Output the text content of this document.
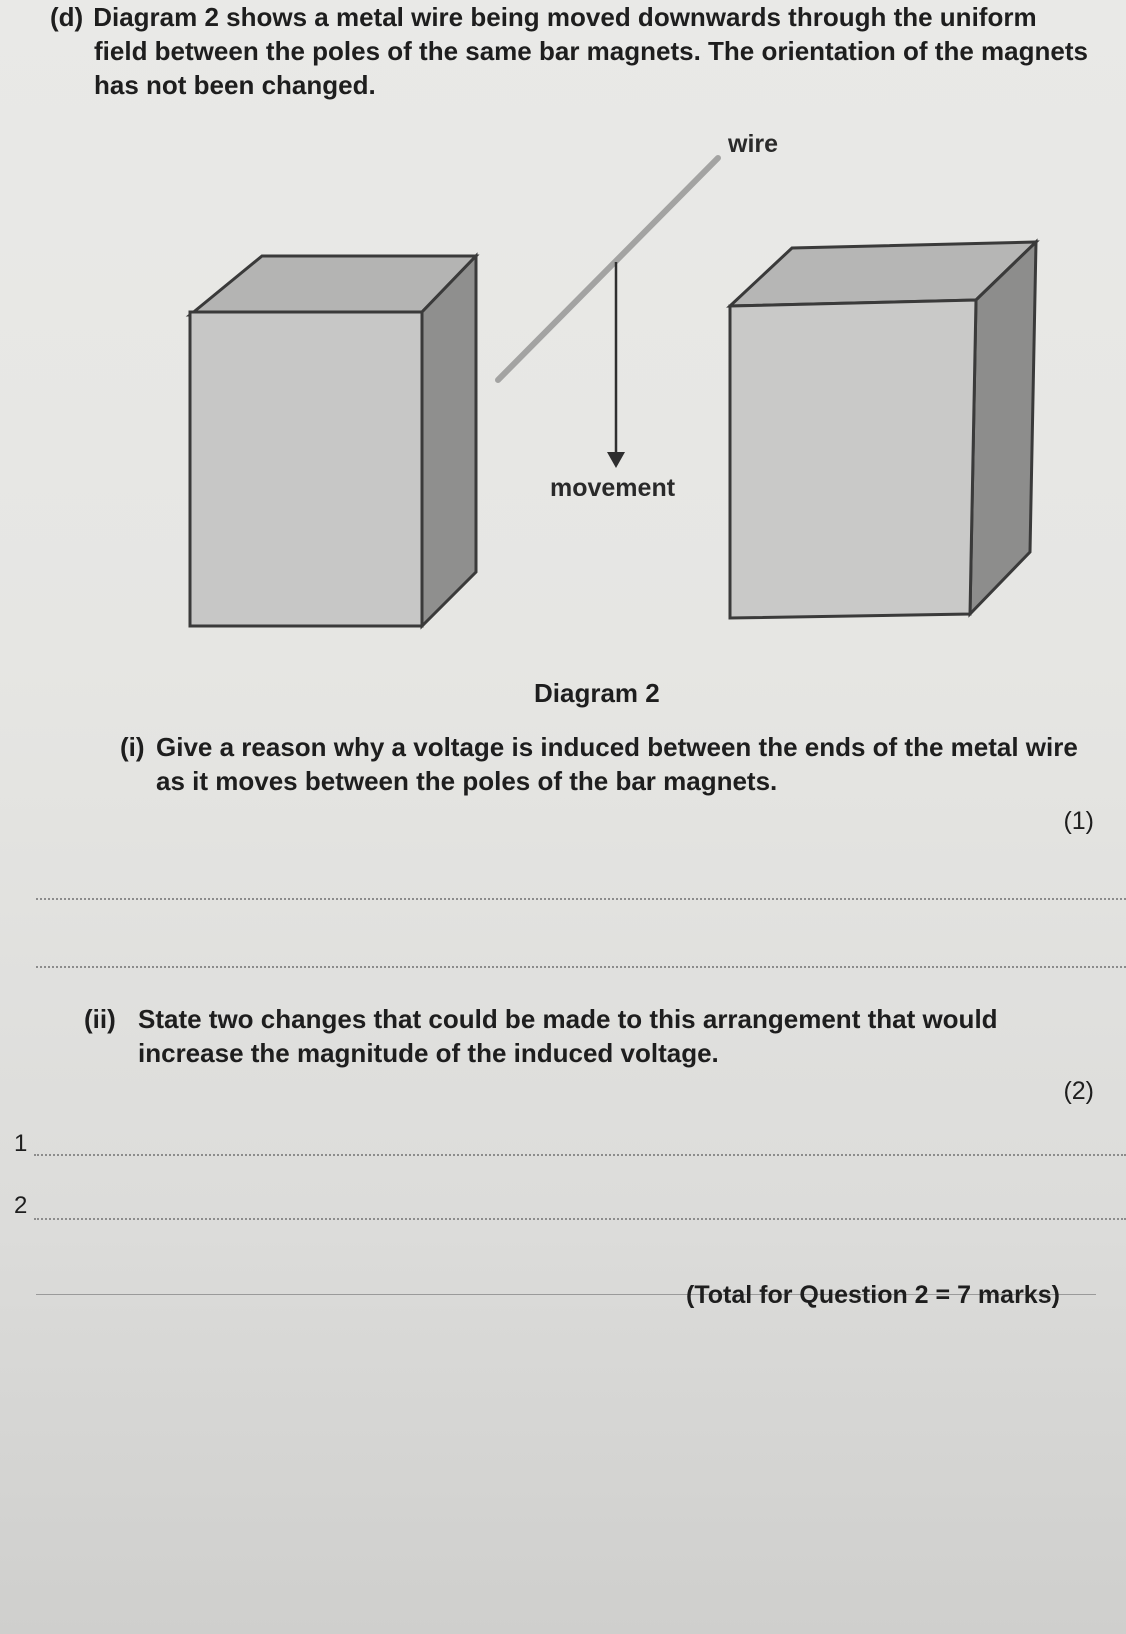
(d) Diagram 2 shows a metal wire being moved downwards through the uniform
field between the poles of the same bar magnets. The orientation of the magnets
has not been changed.
wire
movement
Diagram 2
(i) Give a reason why a voltage is induced between the ends of the metal wire as it moves between the poles of the bar magnets.
(1)
(ii) State two changes that could be made to this arrangement that would increase the magnitude of the induced voltage.
(2)
1
2
(Total for Question 2 = 7 marks)
